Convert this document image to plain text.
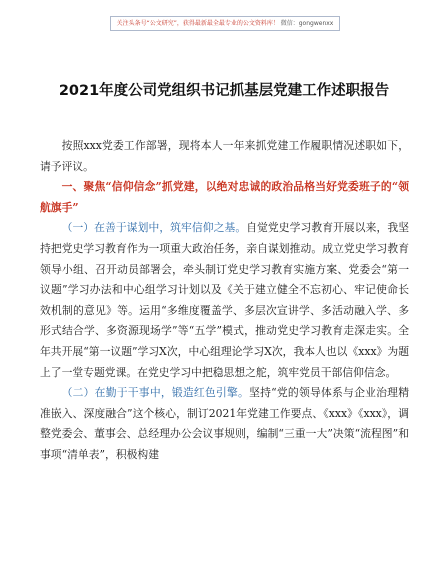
关注头条号“公文研究”，获得最新最全最专业的公文资料库！ 微信：gongwenxx
2021年度公司党组织书记抓基层党建工作述职报告

按照xxx党委工作部署，现将本人一年来抓党建工作履职情况述职如下，请予评议。

一、聚焦“信仰信念”抓党建，以绝对忠诚的政治品格当好党委班子的“领航旗手”

（一）在善于谋划中，筑牢信仰之基。自觉党史学习教育开展以来，我坚持把党史学习教育作为一项重大政治任务，亲自谋划推动。成立党史学习教育领导小组、召开动员部署会，牵头制订党史学习教育实施方案、党委会“第一议题”学习办法和中心组学习计划以及《关于建立健全不忘初心、牢记使命长效机制的意见》等。运用“多维度覆盖学、多层次宣讲学、多活动融入学、多形式结合学、多资源现场学”等“五学”模式，推动党史学习教育走深走实。全年共开展“第一议题”学习X次，中心组理论学习X次，我本人也以《xxx》为题上了一堂专题党课。在党史学习中把稳思想之舵，筑牢党员干部信仰信念。

（二）在勤于干事中，锻造红色引擎。坚持“党的领导体系与企业治理精准嵌入、深度融合”这个核心，制订2021年党建工作要点、《xxx》《xxx》，调整党委会、董事会、总经理办公会议事规则，编制“三重一大”决策“流程图”和事项“清单表”，积极构建
